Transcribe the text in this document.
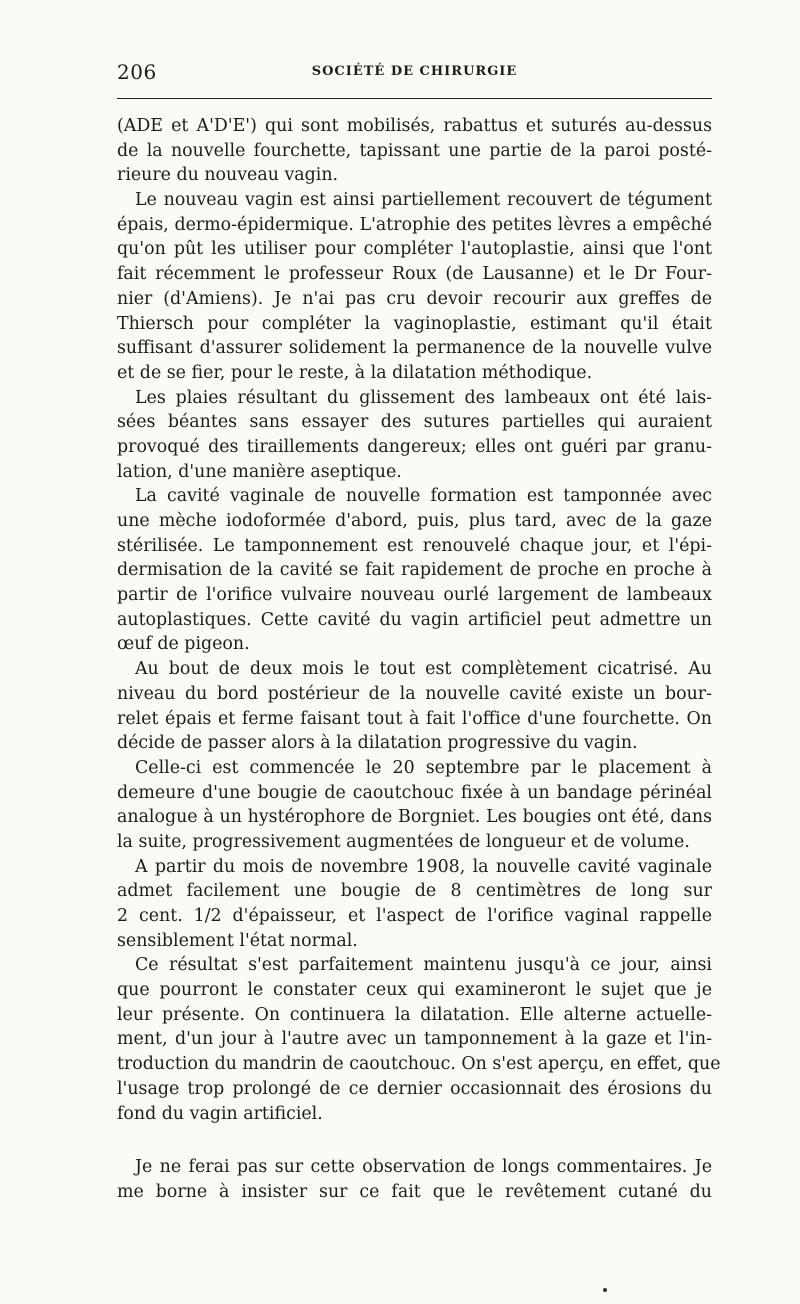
206	SOCIÉTÉ DE CHIRURGIE
(ADE et A'D'E') qui sont mobilisés, rabattus et suturés au-dessus
de la nouvelle fourchette, tapissant une partie de la paroi posté-
rieure du nouveau vagin.
Le nouveau vagin est ainsi partiellement recouvert de tégument
épais, dermo-épidermique. L'atrophie des petites lèvres a empêché
qu'on pût les utiliser pour compléter l'autoplastie, ainsi que l'ont
fait récemment le professeur Roux (de Lausanne) et le Dr Four-
nier (d'Amiens). Je n'ai pas cru devoir recourir aux greffes de
Thiersch pour compléter la vaginoplastie, estimant qu'il était
suffisant d'assurer solidement la permanence de la nouvelle vulve
et de se fier, pour le reste, à la dilatation méthodique.
Les plaies résultant du glissement des lambeaux ont été lais-
sées béantes sans essayer des sutures partielles qui auraient
provoqué des tiraillements dangereux; elles ont guéri par granu-
lation, d'une manière aseptique.
La cavité vaginale de nouvelle formation est tamponnée avec
une mèche iodoformée d'abord, puis, plus tard, avec de la gaze
stérilisée. Le tamponnement est renouvelé chaque jour, et l'épi-
dermisation de la cavité se fait rapidement de proche en proche à
partir de l'orifice vulvaire nouveau ourlé largement de lambeaux
autoplastiques. Cette cavité du vagin artificiel peut admettre un
œuf de pigeon.
Au bout de deux mois le tout est complètement cicatrisé. Au
niveau du bord postérieur de la nouvelle cavité existe un bour-
relet épais et ferme faisant tout à fait l'office d'une fourchette. On
décide de passer alors à la dilatation progressive du vagin.
Celle-ci est commencée le 20 septembre par le placement à
demeure d'une bougie de caoutchouc fixée à un bandage périnéal
analogue à un hystérophore de Borgniet. Les bougies ont été, dans
la suite, progressivement augmentées de longueur et de volume.
A partir du mois de novembre 1908, la nouvelle cavité vaginale
admet facilement une bougie de 8 centimètres de long sur
2 cent. 1/2 d'épaisseur, et l'aspect de l'orifice vaginal rappelle
sensiblement l'état normal.
Ce résultat s'est parfaitement maintenu jusqu'à ce jour, ainsi
que pourront le constater ceux qui examineront le sujet que je
leur présente. On continuera la dilatation. Elle alterne actuelle-
ment, d'un jour à l'autre avec un tamponnement à la gaze et l'in-
troduction du mandrin de caoutchouc. On s'est aperçu, en effet, que
l'usage trop prolongé de ce dernier occasionnait des érosions du
fond du vagin artificiel.
Je ne ferai pas sur cette observation de longs commentaires. Je
me borne à insister sur ce fait que le revêtement cutané du
